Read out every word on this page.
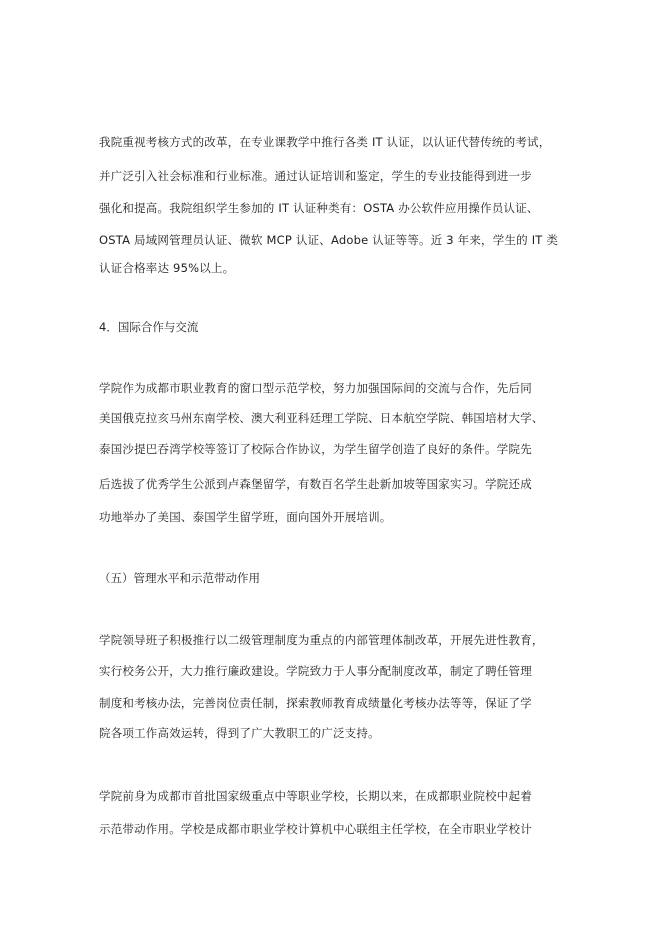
我院重视考核方式的改革，在专业课教学中推行各类 IT 认证，以认证代替传统的考试，
并广泛引入社会标准和行业标准。通过认证培训和鉴定，学生的专业技能得到进一步
强化和提高。我院组织学生参加的 IT 认证种类有：OSTA 办公软件应用操作员认证、
OSTA 局域网管理员认证、微软 MCP 认证、Adobe 认证等等。近 3 年来，学生的 IT 类
认证合格率达 95%以上。
4．国际合作与交流
学院作为成都市职业教育的窗口型示范学校，努力加强国际间的交流与合作，先后同
美国俄克拉亥马州东南学校、澳大利亚科廷理工学院、日本航空学院、韩国培材大学、
泰国沙提巴吞湾学校等签订了校际合作协议，为学生留学创造了良好的条件。学院先
后选拔了优秀学生公派到卢森堡留学，有数百名学生赴新加坡等国家实习。学院还成
功地举办了美国、泰国学生留学班，面向国外开展培训。
（五）管理水平和示范带动作用
学院领导班子积极推行以二级管理制度为重点的内部管理体制改革，开展先进性教育，
实行校务公开，大力推行廉政建设。学院致力于人事分配制度改革，制定了聘任管理
制度和考核办法，完善岗位责任制，探索教师教育成绩量化考核办法等等，保证了学
院各项工作高效运转，得到了广大教职工的广泛支持。
学院前身为成都市首批国家级重点中等职业学校，长期以来，在成都职业院校中起着
示范带动作用。学校是成都市职业学校计算机中心联组主任学校，在全市职业学校计
